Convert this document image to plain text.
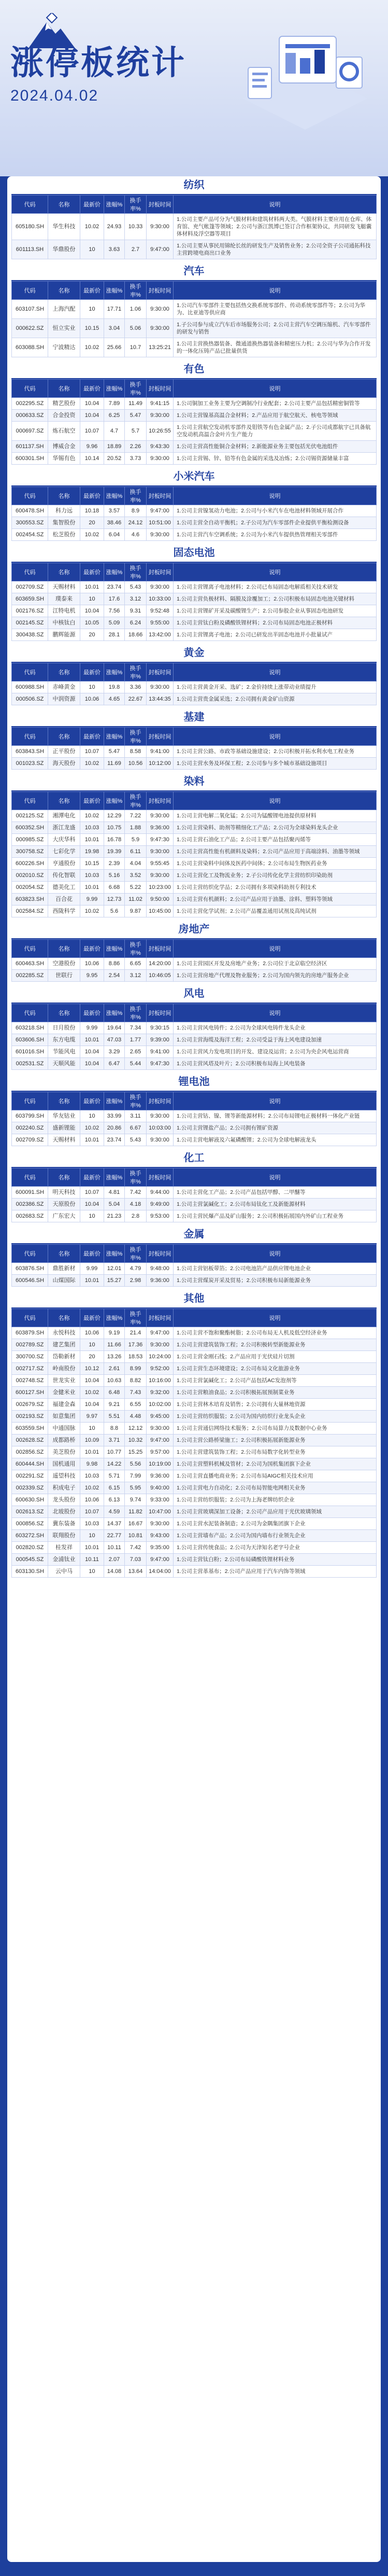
涨停板统计
2024.04.02
纺织
代码	名称	最新价	涨幅%	换手率%	封板时间	说明
605180.SH	华生科技	10.02	24.93	10.33	9:30:00	1.公司主要产品可分为气膜材料和建筑材料两大类。气膜材料主要应用在仓库、体育馆、充气帐篷等领域；2.公司与浙江凯博已签订合作框架协议，共同研发飞艇囊体材料及浮空器等项目
601113.SH	华鼎股份	10	3.63	2.7	9:47:00	1.公司主要从事民用锦纶长丝的研发生产及销售业务；2.公司全资子公司通拓科技主营跨境电商出口业务
汽车
代码	名称	最新价	涨幅%	换手率%	封板时间	说明
603107.SH	上海汽配	10	17.71	1.06	9:30:00	1.公司汽车零部件主要包括热交换系统零部件、传动系统零部件等；2.公司为华为、比亚迪等供应商
000622.SZ	恒立实业	10.15	3.04	5.06	9:30:00	1.子公司参与成立汽车后市场服务公司；2.公司主营汽车空调压缩机、汽车零部件的研发与销售
603088.SH	宁波精达	10.02	25.66	10.7	13:25:21	1.公司主营换热器装备、微通道换热器装备和精密压力机；2.公司与华为合作开发的一体化压铸产品已批量供货
有色
代码	名称	最新价	涨幅%	换手率%	封板时间	说明
002295.SZ	精艺股份	10.04	7.89	11.49	9:41:15	1.公司铜加工业务主要为空调制冷行业配套；2.公司主要产品包括精密铜管等
000633.SZ	合金投资	10.04	6.25	5.47	9:30:00	1.公司主营镍基高温合金材料；2.产品应用于航空航天、核电等领域
000697.SZ	炼石航空	10.07	4.7	5.7	10:26:55	1.公司主营航空发动机零部件及钼铁等有色金属产品；2.子公司成都航宇已具备航空发动机高温合金叶片生产能力
601137.SH	博威合金	9.96	18.89	2.26	9:43:30	1.公司主营高性能铜合金材料；2.新能源业务主要包括光伏电池组件
600301.SH	华锡有色	10.14	20.52	3.73	9:30:00	1.公司主营锡、锌、铅等有色金属的采选及冶炼；2.公司锡资源储量丰富
小米汽车
代码	名称	最新价	涨幅%	换手率%	封板时间	说明
600478.SH	科力远	10.18	3.57	8.9	9:47:00	1.公司主营镍氢动力电池；2.公司与小米汽车在电池材料领域开展合作
300553.SZ	集智股份	20	38.46	24.12	10:51:00	1.公司主营全自动平衡机；2.子公司为汽车零部件企业提供平衡检测设备
002454.SZ	松芝股份	10.02	6.04	4.6	9:30:00	1.公司主营汽车空调系统；2.公司为小米汽车提供热管理相关零部件
固态电池
代码	名称	最新价	涨幅%	换手率%	封板时间	说明
002709.SZ	天赐材料	10.01	23.74	5.43	9:30:00	1.公司主营锂离子电池材料；2.公司已布局固态电解质相关技术研发
603659.SH	璞泰来	10	17.6	3.12	10:33:00	1.公司主营负极材料、隔膜及涂覆加工；2.公司积极布局固态电池关键材料
002176.SZ	江特电机	10.04	7.56	9.31	9:52:48	1.公司主营锂矿开采及碳酸锂生产；2.公司参股企业从事固态电池研发
002145.SZ	中核钛白	10.05	5.09	6.24	9:55:00	1.公司主营钛白粉及磷酸铁锂材料；2.公司布局固态电池正极材料
300438.SZ	鹏辉能源	20	28.1	18.66	13:42:00	1.公司主营锂离子电池；2.公司已研发出半固态电池并小批量试产
黄金
代码	名称	最新价	涨幅%	换手率%	封板时间	说明
600988.SH	赤峰黄金	10	19.8	3.36	9:30:00	1.公司主营黄金开采、选矿；2.金价持续上涨带动业绩提升
000506.SZ	中润资源	10.06	4.65	22.67	13:44:35	1.公司主营贵金属采选；2.公司拥有黄金矿山资源
基建
代码	名称	最新价	涨幅%	换手率%	封板时间	说明
603843.SH	正平股份	10.07	5.47	8.58	9:41:00	1.公司主营公路、市政等基础设施建设；2.公司积极开拓水利水电工程业务
001023.SZ	海天股份	10.02	11.69	10.56	10:12:00	1.公司主营水务及环保工程；2.公司参与多个城市基础设施项目
染料
代码	名称	最新价	涨幅%	换手率%	封板时间	说明
002125.SZ	湘潭电化	10.02	12.29	7.22	9:30:00	1.公司主营电解二氧化锰；2.公司为锰酸锂电池提供原材料
600352.SH	浙江龙盛	10.03	10.75	1.88	9:36:00	1.公司主营染料、助剂等精细化工产品；2.公司为全球染料龙头企业
000985.SZ	大庆华科	10.01	16.78	5.9	9:47:30	1.公司主营石油化工产品；2.公司主要产品包括聚丙烯等
300758.SZ	七彩化学	19.98	19.39	6.11	9:30:00	1.公司主营高性能有机颜料及染料；2.公司产品应用于高端涂料、油墨等领域
600226.SH	亨通股份	10.15	2.39	4.04	9:55:45	1.公司主营染料中间体及医药中间体；2.公司布局生物医药业务
002010.SZ	传化智联	10.03	5.16	3.52	9:30:00	1.公司主营化工及物流业务；2.子公司传化化学主营纺织印染助剂
002054.SZ	德美化工	10.01	6.68	5.22	10:23:00	1.公司主营纺织化学品；2.公司拥有多项染料助剂专利技术
603823.SH	百合花	9.99	12.73	11.02	9:50:00	1.公司主营有机颜料；2.公司产品应用于油墨、涂料、塑料等领域
002584.SZ	西陇科学	10.02	5.6	9.87	10:45:00	1.公司主营化学试剂；2.公司产品覆盖通用试剂及高纯试剂
房地产
代码	名称	最新价	涨幅%	换手率%	封板时间	说明
600463.SH	空港股份	10.06	8.86	6.65	14:20:00	1.公司主营园区开发及房地产业务；2.公司位于北京临空经济区
002285.SZ	世联行	9.95	2.54	3.12	10:46:05	1.公司主营房地产代理及物业服务；2.公司为国内领先的房地产服务企业
风电
代码	名称	最新价	涨幅%	换手率%	封板时间	说明
603218.SH	日月股份	9.99	19.64	7.34	9:30:15	1.公司主营风电铸件；2.公司为全球风电铸件龙头企业
603606.SH	东方电缆	10.01	47.03	1.77	9:39:00	1.公司主营海缆及海洋工程；2.公司受益于海上风电建设加速
601016.SH	节能风电	10.04	3.29	2.65	9:41:00	1.公司主营风力发电项目的开发、建设及运营；2.公司为央企风电运营商
002531.SZ	天顺风能	10.04	6.47	5.44	9:47:30	1.公司主营风塔及叶片；2.公司积极布局海上风电装备
锂电池
代码	名称	最新价	涨幅%	换手率%	封板时间	说明
603799.SH	华友钴业	10	33.99	3.11	9:30:00	1.公司主营钴、镍、锂等新能源材料；2.公司布局锂电正极材料一体化产业链
002240.SZ	盛新锂能	10.02	20.86	6.67	10:03:00	1.公司主营锂盐产品；2.公司拥有锂矿资源
002709.SZ	天赐材料	10.01	23.74	5.43	9:30:00	1.公司主营电解液及六氟磷酸锂；2.公司为全球电解液龙头
化工
代码	名称	最新价	涨幅%	换手率%	封板时间	说明
600091.SH	明天科技	10.07	4.81	7.42	9:44:00	1.公司主营化工产品；2.公司产品包括甲醇、二甲醚等
002386.SZ	天原股份	10.04	5.04	4.18	9:49:00	1.公司主营氯碱化工；2.公司布局钛化工及新能源材料
002683.SZ	广东宏大	10	21.23	2.8	9:53:00	1.公司主营民爆产品及矿山服务；2.公司积极拓展国内外矿山工程业务
金属
代码	名称	最新价	涨幅%	换手率%	封板时间	说明
603876.SH	鼎胜新材	9.99	12.01	4.79	9:48:00	1.公司主营铝板带箔；2.公司电池箔产品供应锂电池企业
600546.SH	山煤国际	10.01	15.27	2.98	9:36:00	1.公司主营煤炭开采及贸易；2.公司积极布局新能源业务
其他
代码	名称	最新价	涨幅%	换手率%	封板时间	说明
603879.SH	永悦科技	10.06	9.19	21.4	9:47:00	1.公司主营不饱和聚酯树脂；2.公司布局无人机及低空经济业务
002789.SZ	建艺集团	10	11.66	17.36	9:30:00	1.公司主营建筑装饰工程；2.公司积极转型新能源业务
300700.SZ	岱勒新材	20	13.26	18.53	10:24:00	1.公司主营金刚石线；2.产品应用于光伏硅片切割
002717.SZ	岭南股份	10.12	2.61	8.99	9:52:00	1.公司主营生态环境建设；2.公司布局文化旅游业务
002748.SZ	世龙实业	10.04	10.63	8.82	10:16:00	1.公司主营氯碱化工；2.公司产品包括AC发泡剂等
600127.SH	金健米业	10.02	6.48	7.43	9:32:00	1.公司主营粮油食品；2.公司积极拓展预制菜业务
002679.SZ	福建金森	10.04	9.21	6.55	10:02:00	1.公司主营林木培育及销售；2.公司拥有大量林地资源
002193.SZ	如意集团	9.97	5.51	4.48	9:45:00	1.公司主营纺织服装；2.公司为国内纺织行业龙头企业
603559.SH	中通国脉	10	8.8	12.12	9:30:00	1.公司主营通信网络技术服务；2.公司布局算力及数据中心业务
002628.SZ	成都路桥	10.09	3.71	10.32	9:47:00	1.公司主营公路桥梁施工；2.公司积极拓展新能源业务
002856.SZ	美芝股份	10.01	10.77	15.25	9:57:00	1.公司主营建筑装饰工程；2.公司布局数字化转型业务
600444.SH	国机通用	9.98	14.22	5.56	10:19:00	1.公司主营塑料机械及管材；2.公司为国机集团旗下企业
002291.SZ	遥望科技	10.03	5.71	7.99	9:36:00	1.公司主营直播电商业务；2.公司布局AIGC相关技术应用
002339.SZ	积成电子	10.02	6.15	5.95	9:40:00	1.公司主营电力自动化；2.公司布局智能电网相关业务
600630.SH	龙头股份	10.06	6.13	9.74	9:33:00	1.公司主营纺织服装；2.公司为上海老牌纺织企业
002613.SZ	北玻股份	10.07	4.59	11.82	10:47:00	1.公司主营玻璃深加工设备；2.公司产品应用于光伏玻璃领域
000856.SZ	冀东装备	10.03	14.37	16.67	9:30:00	1.公司主营水泥装备制造；2.公司为金隅集团旗下企业
603272.SH	联翔股份	10	22.77	10.81	9:43:00	1.公司主营墙布产品；2.公司为国内墙布行业领先企业
002820.SZ	桂发祥	10.01	10.11	7.42	9:35:00	1.公司主营传统食品；2.公司为天津知名老字号企业
000545.SZ	金浦钛业	10.11	2.07	7.03	9:47:00	1.公司主营钛白粉；2.公司布局磷酸铁锂材料业务
603130.SH	云中马	10	14.08	13.64	14:04:00	1.公司主营革基布；2.公司产品应用于汽车内饰等领域
